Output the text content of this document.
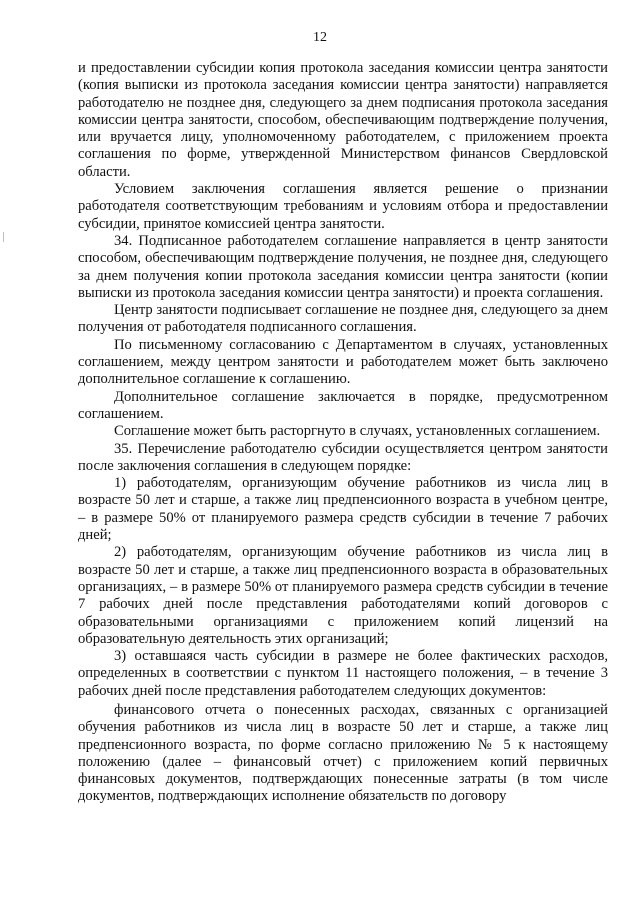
12

и предоставлении субсидии копия протокола заседания комиссии центра занятости (копия выписки из протокола заседания комиссии центра занятости) направляется работодателю не позднее дня, следующего за днем подписания протокола заседания комиссии центра занятости, способом, обеспечивающим подтверждение получения, или вручается лицу, уполномоченному работодателем, с приложением проекта соглашения по форме, утвержденной Министерством финансов Свердловской области.

Условием заключения соглашения является решение о признании работодателя соответствующим требованиям и условиям отбора и предоставлении субсидии, принятое комиссией центра занятости.

34. Подписанное работодателем соглашение направляется в центр занятости способом, обеспечивающим подтверждение получения, не позднее дня, следующего за днем получения копии протокола заседания комиссии центра занятости (копии выписки из протокола заседания комиссии центра занятости) и проекта соглашения.

Центр занятости подписывает соглашение не позднее дня, следующего за днем получения от работодателя подписанного соглашения.

По письменному согласованию с Департаментом в случаях, установленных соглашением, между центром занятости и работодателем может быть заключено дополнительное соглашение к соглашению.

Дополнительное соглашение заключается в порядке, предусмотренном соглашением.

Соглашение может быть расторгнуто в случаях, установленных соглашением.

35. Перечисление работодателю субсидии осуществляется центром занятости после заключения соглашения в следующем порядке:

1) работодателям, организующим обучение работников из числа лиц в возрасте 50 лет и старше, а также лиц предпенсионного возраста в учебном центре, – в размере 50% от планируемого размера средств субсидии в течение 7 рабочих дней;

2) работодателям, организующим обучение работников из числа лиц в возрасте 50 лет и старше, а также лиц предпенсионного возраста в образовательных организациях, – в размере 50% от планируемого размера средств субсидии в течение 7 рабочих дней после представления работодателями копий договоров с образовательными организациями с приложением копий лицензий на образовательную деятельность этих организаций;

3) оставшаяся часть субсидии в размере не более фактических расходов, определенных в соответствии с пунктом 11 настоящего положения, – в течение 3 рабочих дней после представления работодателем следующих документов:

финансового отчета о понесенных расходах, связанных с организацией обучения работников из числа лиц в возрасте 50 лет и старше, а также лиц предпенсионного возраста, по форме согласно приложению № 5 к настоящему положению (далее – финансовый отчет) с приложением копий первичных финансовых документов, подтверждающих понесенные затраты (в том числе документов, подтверждающих исполнение обязательств по договору
